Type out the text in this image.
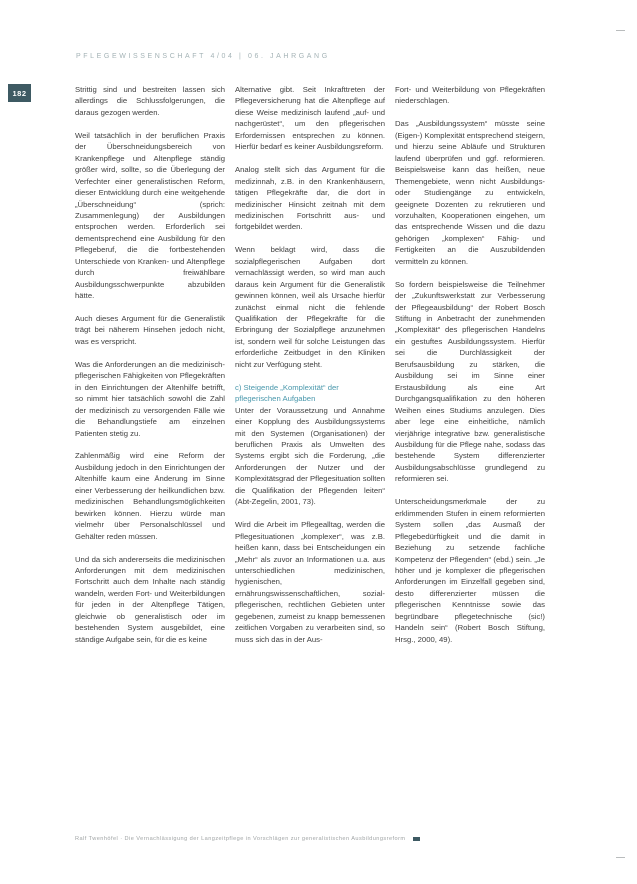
PFLEGEWISSENSCHAFT 4/04 | 06. JAHRGANG
182	Strittig sind und bestreiten lassen sich allerdings die Schlussfolgerungen, die daraus gezogen werden.

Weil tatsächlich in der beruflichen Praxis der Überschneidungsbereich von Krankenpflege und Altenpflege ständig größer wird, sollte, so die Überlegung der Verfechter einer generalistischen Reform, dieser Entwicklung durch eine weitgehende „Überschneidung“ (sprich: Zusammenlegung) der Ausbildungen entsprochen werden. Erforderlich sei dementsprechend eine Ausbildung für den Pflegeberuf, die die fortbestehenden Unterschiede von Kranken- und Altenpflege durch freiwählbare Ausbildungsschwerpunkte abzubilden hätte.

Auch dieses Argument für die Generalistik trägt bei näherem Hinsehen jedoch nicht, was es verspricht.

Was die Anforderungen an die medizinisch-pflegerischen Fähigkeiten von Pflegekräften in den Einrichtungen der Altenhilfe betrifft, so nimmt hier tatsächlich sowohl die Zahl der medizinisch zu versorgenden Fälle wie die Behandlungstiefe am einzelnen Patienten stetig zu.

Zahlenmäßig wird eine Reform der Ausbildung jedoch in den Einrichtungen der Altenhilfe kaum eine Änderung im Sinne einer Verbesserung der heilkundlichen bzw. medizinischen Behandlungsmöglichkeiten bewirken können. Hierzu würde man vielmehr über Personalschlüssel und Gehälter reden müssen.

Und da sich andererseits die medizinischen Anforderungen mit dem medizinischen Fortschritt auch dem Inhalte nach ständig wandeln, werden Fort- und Weiterbildungen für jeden in der Altenpflege Tätigen, gleichwie ob generalistisch oder im bestehenden System ausgebildet, eine ständige Aufgabe sein, für die es keine

Alternative gibt. Seit Inkrafttreten der Pflegeversicherung hat die Altenpflege auf diese Weise medizinisch laufend „auf- und nachgerüstet“, um den pflegerischen Erfordernissen entsprechen zu können. Hierfür bedarf es keiner Ausbildungsreform.

Analog stellt sich das Argument für die medizinnah, z.B. in den Krankenhäusern, tätigen Pflegekräfte dar, die dort in medizinischer Hinsicht zeitnah mit dem medizinischen Fortschritt aus- und fortgebildet werden.

Wenn beklagt wird, dass die sozialpflegerischen Aufgaben dort vernachlässigt werden, so wird man auch daraus kein Argument für die Generalistik gewinnen können, weil als Ursache hierfür zunächst einmal nicht die fehlende Qualifikation der Pflegekräfte für die Erbringung der Sozialpflege anzunehmen ist, sondern weil für solche Leistungen das erforderliche Zeitbudget in den Kliniken nicht zur Verfügung steht.

c) Steigende „Komplexität“ der pflegerischen Aufgaben

Unter der Voraussetzung und Annahme einer Kopplung des Ausbildungssystems mit den Systemen (Organisationen) der beruflichen Praxis als Umwelten des Systems ergibt sich die Forderung, „die Anforderungen der Nutzer und der Komplexitätsgrad der Pflegesituation sollten die Qualifikation der Pflegenden leiten“ (Abt-Zegelin, 2001, 73).

Wird die Arbeit im Pflegealltag, werden die Pflegesituationen „komplexer“, was z.B. heißen kann, dass bei Entscheidungen ein „Mehr“ als zuvor an Informationen u.a. aus unterschiedlichen medizinischen, hygienischen, ernährungswissenschaftlichen, sozial-pflegerischen, rechtlichen Gebieten unter gegebenen, zumeist zu knapp bemessenen zeitlichen Vorgaben zu verarbeiten sind, so muss sich das in der Aus-

Fort- und Weiterbildung von Pflegekräften niederschlagen.

Das „Ausbildungssystem“ müsste seine (Eigen-) Komplexität entsprechend steigern, und hierzu seine Abläufe und Strukturen laufend überprüfen und ggf. reformieren. Beispielsweise kann das heißen, neue Themengebiete, wenn nicht Ausbildungs- oder Studiengänge zu entwickeln, geeignete Dozenten zu rekrutieren und vorzuhalten, Kooperationen eingehen, um das entsprechende Wissen und die dazu gehörigen „komplexen“ Fähig- und Fertigkeiten an die Auszubildenden vermitteln zu können.

So fordern beispielsweise die Teilnehmer der „Zukunftswerkstatt zur Verbesserung der Pflegeausbildung“ der Robert Bosch Stiftung in Anbetracht der zunehmenden „Komplexität“ des pflegerischen Handelns ein gestuftes Ausbildungssystem. Hierfür sei die Durchlässigkeit der Berufsausbildung zu stärken, die Ausbildung sei im Sinne einer Erstausbildung als eine Art Durchgangsqualifikation zu den höheren Weihen eines Studiums anzulegen. Dies aber lege eine einheitliche, nämlich vierjährige integrative bzw. generalistische Ausbildung für die Pflege nahe, sodass das bestehende System differenzierter Ausbildungsabschlüsse grundlegend zu reformieren sei.

Unterscheidungsmerkmale der zu erklimmenden Stufen in einem reformierten System sollen „das Ausmaß der Pflegebedürftigkeit und die damit in Beziehung zu setzende fachliche Kompetenz der Pflegenden“ (ebd.) sein. „Je höher und je komplexer die pflegerischen Anforderungen im Einzelfall gegeben sind, desto differenzierter müssen die pflegerischen Kenntnisse sowie das begründbare pflegetechnische (sic!) Handeln sein“ (Robert Bosch Stiftung, Hrsg., 2000, 49).

Ralf Twenhöfel · Die Vernachlässigung der Langzeitpflege in Vorschlägen zur generalistischen Ausbildungsreform
